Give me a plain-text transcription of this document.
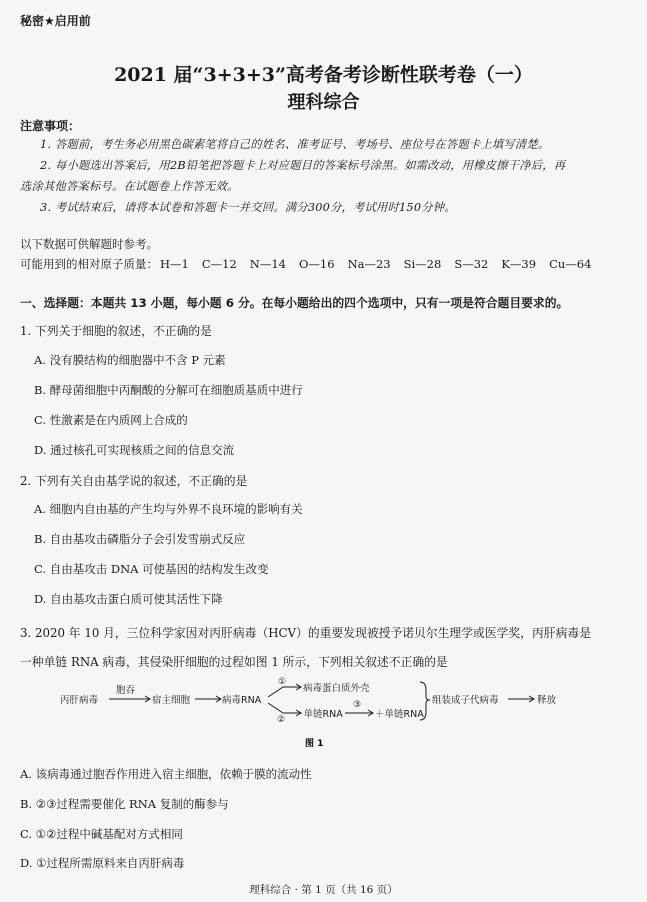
秘密★启用前
2021 届“3+3+3”高考备考诊断性联考卷（一）
理科综合
注意事项：
1. 答题前，考生务必用黑色碳素笔将自己的姓名、准考证号、考场号、座位号在答题卡上填写清楚。
2. 每小题选出答案后，用2B铅笔把答题卡上对应题目的答案标号涂黑。如需改动，用橡皮擦干净后，再
选涂其他答案标号。在试题卷上作答无效。
3. 考试结束后，请将本试卷和答题卡一并交回。满分300分，考试用时150分钟。
以下数据可供解题时参考。
可能用到的相对原子质量： H—1 C—12 N—14 O—16 Na—23 Si—28 S—32 K—39 Cu—64
一、选择题：本题共 13 小题，每小题 6 分。在每小题给出的四个选项中，只有一项是符合题目要求的。
1. 下列关于细胞的叙述，不正确的是
A. 没有膜结构的细胞器中不含 P 元素
B. 酵母菌细胞中丙酮酸的分解可在细胞质基质中进行
C. 性激素是在内质网上合成的
D. 通过核孔可实现核质之间的信息交流
2. 下列有关自由基学说的叙述，不正确的是
A. 细胞内自由基的产生均与外界不良环境的影响有关
B. 自由基攻击磷脂分子会引发雪崩式反应
C. 自由基攻击 DNA 可使基因的结构发生改变
D. 自由基攻击蛋白质可使其活性下降
3. 2020 年 10 月，三位科学家因对丙肝病毒（HCV）的重要发现被授予诺贝尔生理学或医学奖，丙肝病毒是
一种单链 RNA 病毒，其侵染肝细胞的过程如图 1 所示，下列相关叙述不正确的是
丙肝病毒
胞吞
宿主细胞	病毒RNA
①
病毒蛋白质外壳
② －单链RNA
③
＋单链RNA
组装成子代病毒	释放
图 1
A. 该病毒通过胞吞作用进入宿主细胞，依赖于膜的流动性
B. ②③过程需要催化 RNA 复制的酶参与
C. ①②过程中碱基配对方式相同
D. ①过程所需原料来自丙肝病毒
理科综合 · 第 1 页（共 16 页）
